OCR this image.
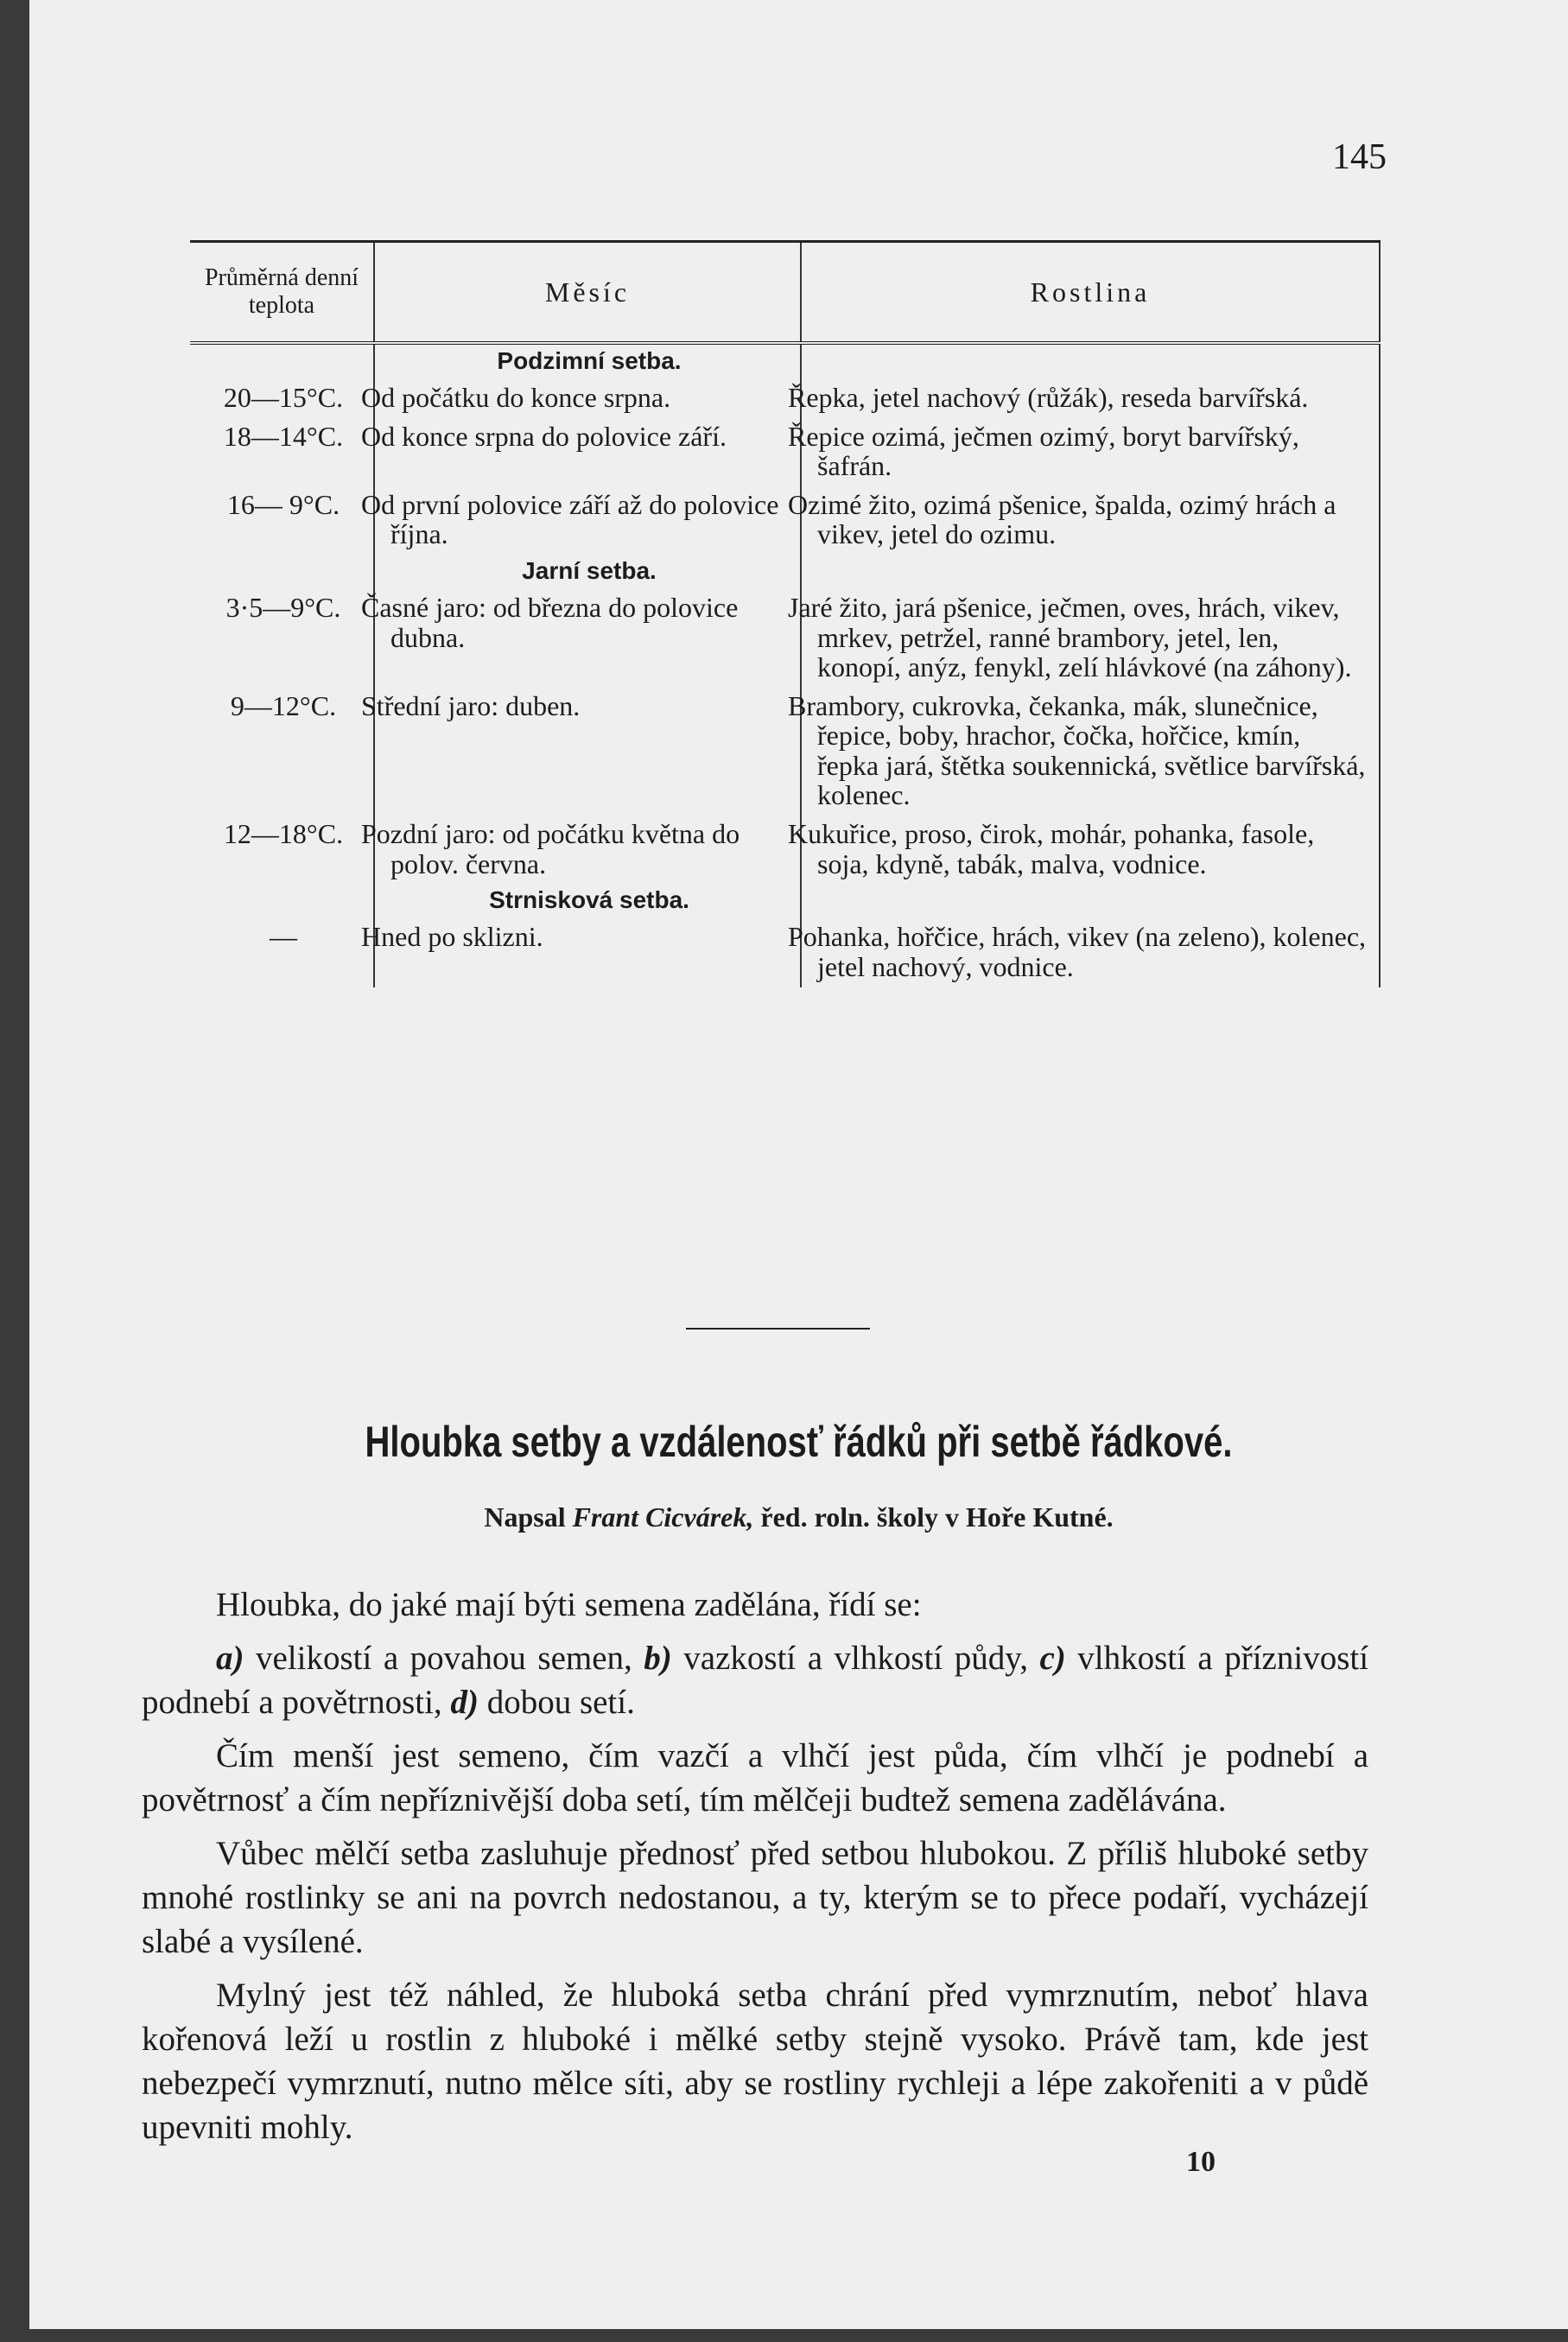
145
Průměrná denní teplota	Měsíc	Rostlina
	Podzimní setba.	
20—15°C.	Od počátku do konce srpna.	Řepka, jetel nachový (růžák), reseda barvířská.
18—14°C.	Od konce srpna do polovice září.	Řepice ozimá, ječmen ozimý, boryt barvířský, šafrán.
16— 9°C.	Od první polovice září až do polovice října.	Ozimé žito, ozimá pšenice, špalda, ozimý hrách a vikev, jetel do ozimu.
	Jarní setba.	
3·5—9°C.	Časné jaro: od března do polovice dubna.	Jaré žito, jará pšenice, ječmen, oves, hrách, vikev, mrkev, petržel, ranné brambory, jetel, len, konopí, anýz, fenykl, zelí hlávkové (na záhony).
9—12°C.	Střední jaro: duben.	Brambory, cukrovka, čekanka, mák, slunečnice, řepice, boby, hrachor, čočka, hořčice, kmín, řepka jará, štětka soukennická, světlice barvířská, kolenec.
12—18°C.	Pozdní jaro: od počátku května do polov. června.	Kukuřice, proso, čirok, mohár, pohanka, fasole, soja, kdyně, tabák, malva, vodnice.
	Strnisková setba.	
—	Hned po sklizni.	Pohanka, hořčice, hrách, vikev (na zeleno), kolenec, jetel nachový, vodnice.
Hloubka setby a vzdálenosť řádků při setbě řádkové.
Napsal Frant Cicvárek, řed. roln. školy v Hoře Kutné.

Hloubka, do jaké mají býti semena zadělána, řídí se:

a) velikostí a povahou semen, b) vazkostí a vlhkostí půdy, c) vlhkostí a příznivostí podnebí a povětrnosti, d) dobou setí.

Čím menší jest semeno, čím vazčí a vlhčí jest půda, čím vlhčí je podnebí a povětrnosť a čím nepříznivější doba setí, tím mělčeji budtež semena zadělávána.

Vůbec mělčí setba zasluhuje přednosť před setbou hlubokou. Z příliš hluboké setby mnohé rostlinky se ani na povrch nedostanou, a ty, kterým se to přece podaří, vycházejí slabé a vysílené.

Mylný jest též náhled, že hluboká setba chrání před vymrznutím, neboť hlava kořenová leží u rostlin z hluboké i mělké setby stejně vysoko. Právě tam, kde jest nebezpečí vymrznutí, nutno mělce síti, aby se rostliny rychleji a lépe zakořeniti a v půdě upevniti mohly.

10
